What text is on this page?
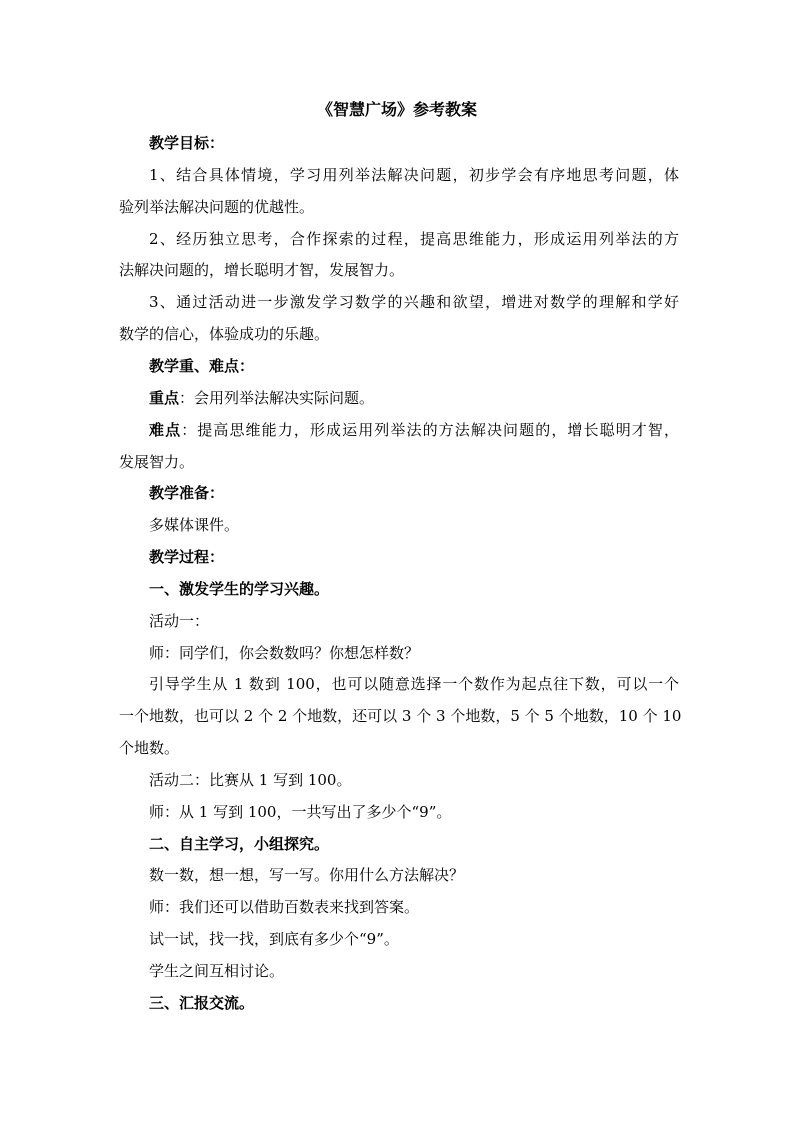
《智慧广场》参考教案
教学目标：
1、结合具体情境，学习用列举法解决问题，初步学会有序地思考问题，体
验列举法解决问题的优越性。
2、经历独立思考，合作探索的过程，提高思维能力，形成运用列举法的方
法解决问题的，增长聪明才智，发展智力。
3、通过活动进一步激发学习数学的兴趣和欲望，增进对数学的理解和学好
数学的信心，体验成功的乐趣。
教学重、难点：
重点：会用列举法解决实际问题。
难点：提高思维能力，形成运用列举法的方法解决问题的，增长聪明才智，
发展智力。
教学准备：
多媒体课件。
教学过程：
一、激发学生的学习兴趣。
活动一：
师：同学们，你会数数吗？你想怎样数？
引导学生从 1 数到 100，也可以随意选择一个数作为起点往下数，可以一个
一个地数，也可以 2 个 2 个地数，还可以 3 个 3 个地数，5 个 5 个地数，10 个 10
个地数。
活动二：比赛从 1 写到 100。
师：从 1 写到 100，一共写出了多少个“9”。
二、自主学习，小组探究。
数一数，想一想，写一写。你用什么方法解决？
师：我们还可以借助百数表来找到答案。
试一试，找一找，到底有多少个“9”。
学生之间互相讨论。
三、汇报交流。
